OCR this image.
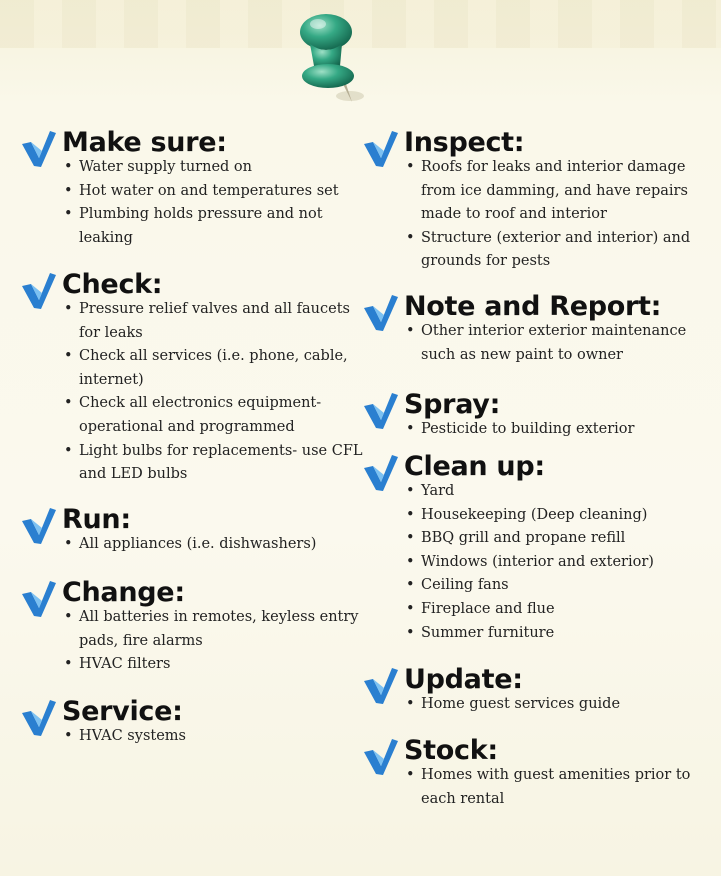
Make sure:
• Water supply turned on
• Hot water on and temperatures set
• Plumbing holds pressure and not leaking
Check:
• Pressure relief valves and all faucets for leaks
• Check all services (i.e. phone, cable, internet)
• Check all electronics equipment- operational and programmed
• Light bulbs for replacements- use CFL and LED bulbs
Run:
• All appliances (i.e. dishwashers)
Change:
• All batteries in remotes, keyless entry pads, fire alarms
• HVAC filters
Service:
• HVAC systems
Inspect:
• Roofs for leaks and interior damage from ice damming, and have repairs made to roof and interior
• Structure (exterior and interior) and grounds for pests
Note and Report:
• Other interior exterior maintenance such as new paint to owner
Spray:
• Pesticide to building exterior
Clean up:
• Yard
• Housekeeping (Deep cleaning)
• BBQ grill and propane refill
• Windows (interior and exterior)
• Ceiling fans
• Fireplace and flue
• Summer furniture
Update:
• Home guest services guide
Stock:
• Homes with guest amenities prior to each rental
